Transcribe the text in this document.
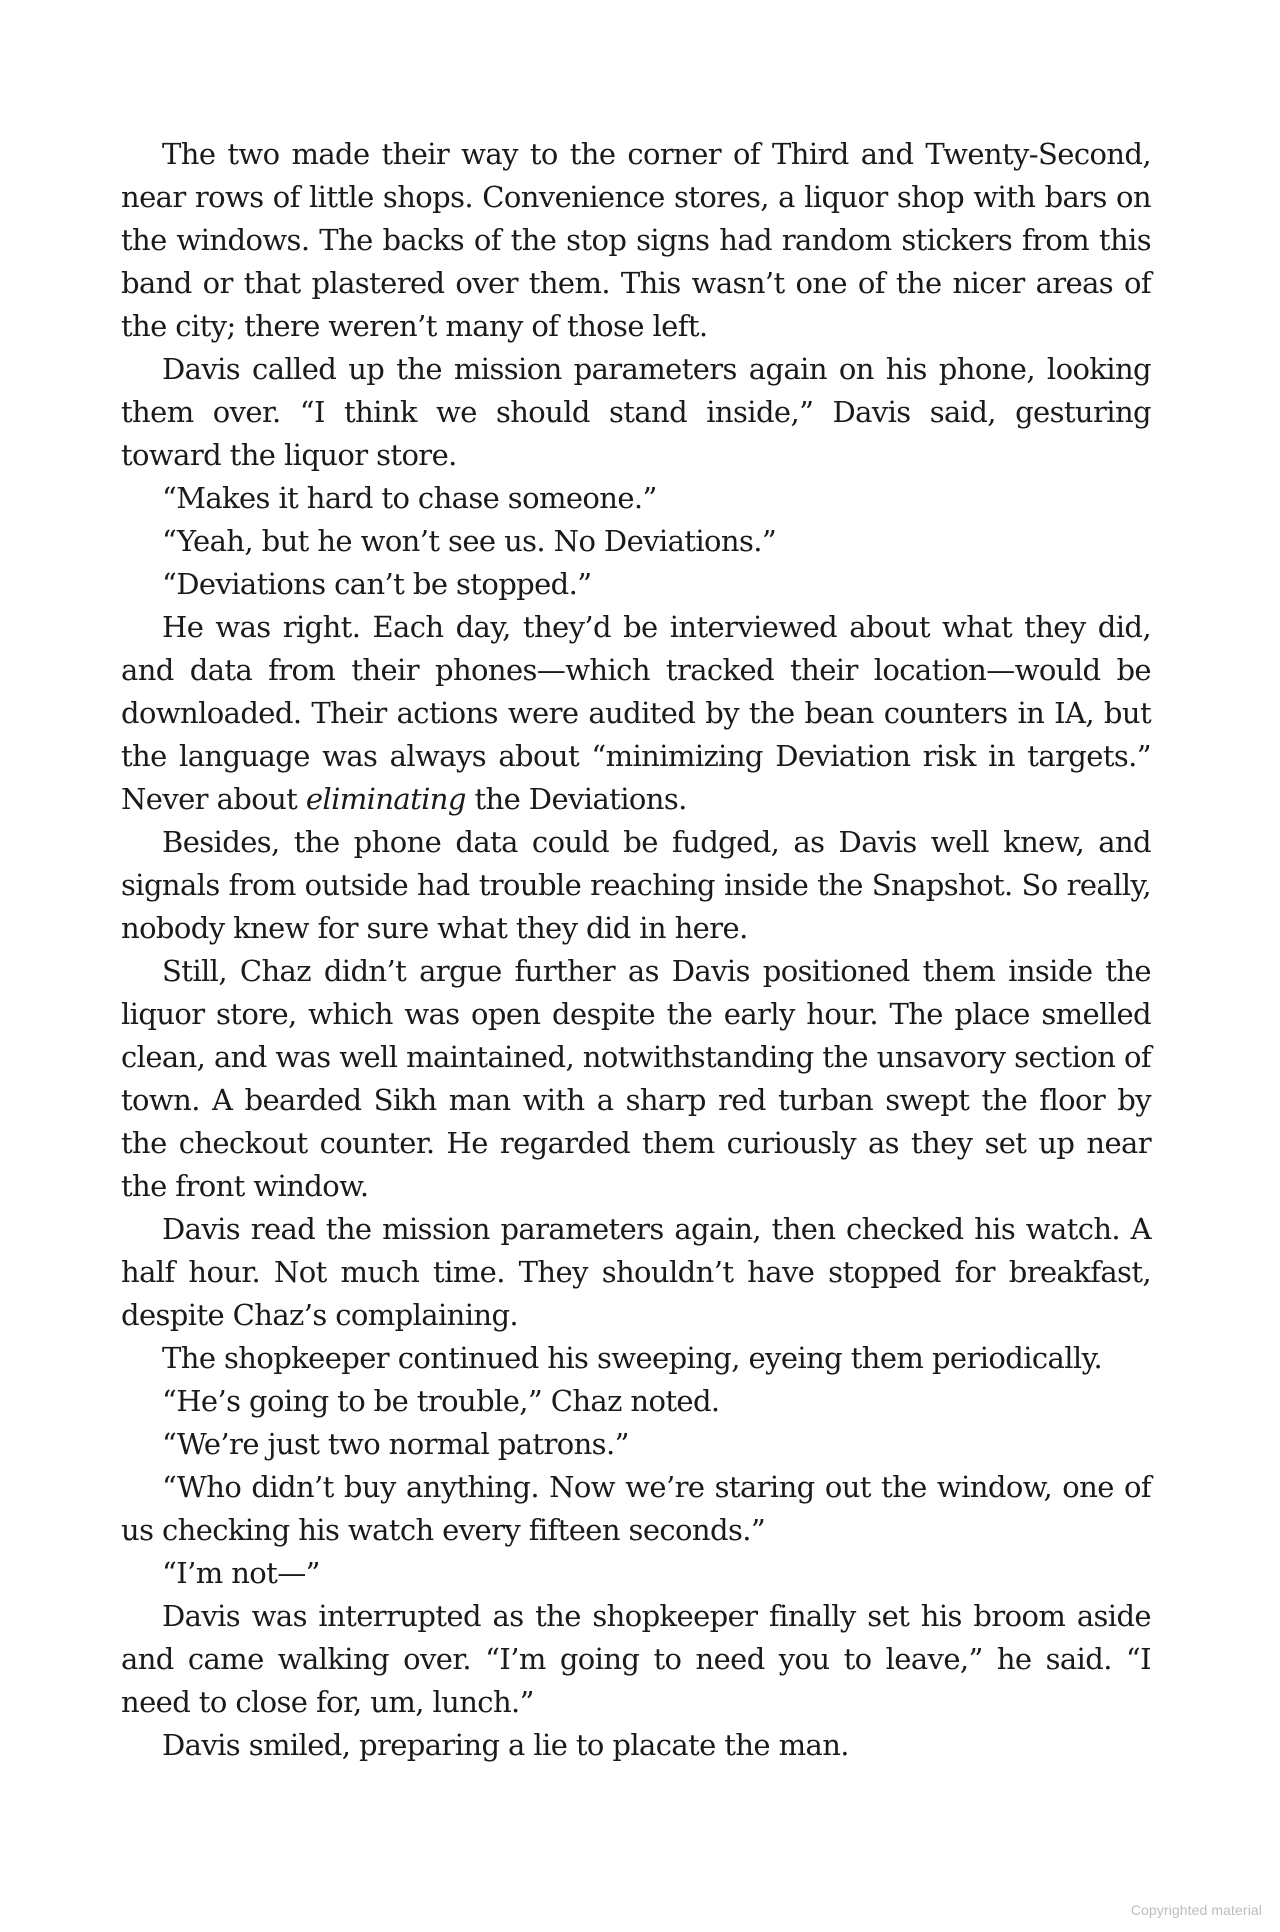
The two made their way to the corner of Third and Twenty-Second, near rows of little shops. Convenience stores, a liquor shop with bars on the windows. The backs of the stop signs had random stickers from this band or that plastered over them. This wasn’t one of the nicer areas of the city; there weren’t many of those left.

Davis called up the mission parameters again on his phone, looking them over. “I think we should stand inside,” Davis said, gesturing toward the liquor store.

“Makes it hard to chase someone.”

“Yeah, but he won’t see us. No Deviations.”

“Deviations can’t be stopped.”

He was right. Each day, they’d be interviewed about what they did, and data from their phones—which tracked their location—would be downloaded. Their actions were audited by the bean counters in IA, but the language was always about “minimizing Deviation risk in targets.” Never about eliminating the Deviations.

Besides, the phone data could be fudged, as Davis well knew, and signals from outside had trouble reaching inside the Snapshot. So really, nobody knew for sure what they did in here.

Still, Chaz didn’t argue further as Davis positioned them inside the liquor store, which was open despite the early hour. The place smelled clean, and was well maintained, notwithstanding the unsavory section of town. A bearded Sikh man with a sharp red turban swept the floor by the checkout counter. He regarded them curiously as they set up near the front window.

Davis read the mission parameters again, then checked his watch. A half hour. Not much time. They shouldn’t have stopped for breakfast, despite Chaz’s complaining.

The shopkeeper continued his sweeping, eyeing them periodically.

“He’s going to be trouble,” Chaz noted.

“We’re just two normal patrons.”

“Who didn’t buy anything. Now we’re staring out the window, one of us checking his watch every fifteen seconds.”

“I’m not—”

Davis was interrupted as the shopkeeper finally set his broom aside and came walking over. “I’m going to need you to leave,” he said. “I need to close for, um, lunch.”

Davis smiled, preparing a lie to placate the man.

Copyrighted material
